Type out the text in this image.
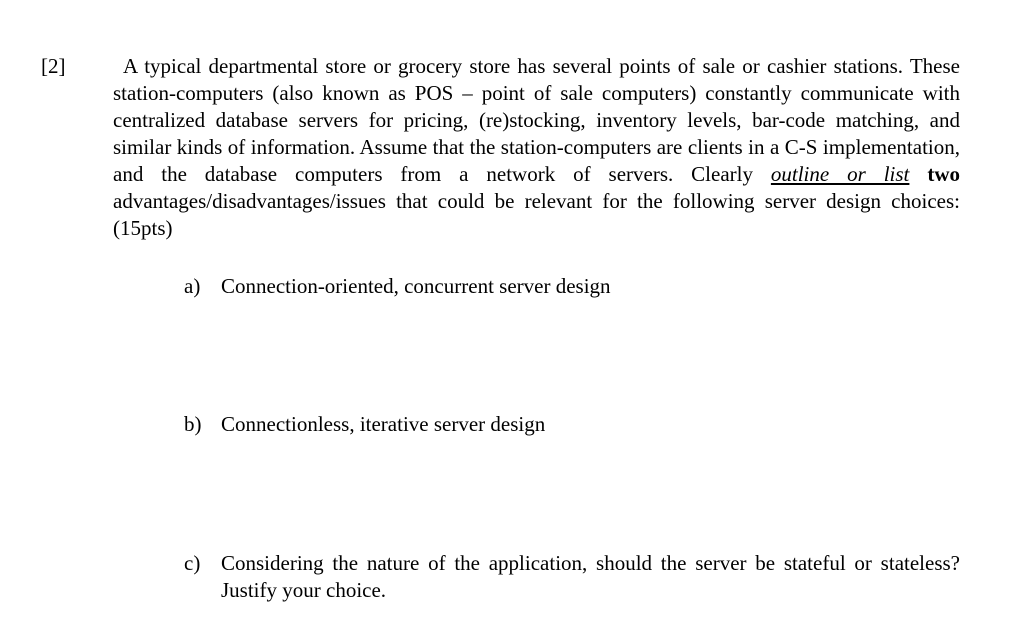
[2]	A typical departmental store or grocery store has several points of sale or cashier stations. These station-computers (also known as POS – point of sale computers) constantly communicate with centralized database servers for pricing, (re)stocking, inventory levels, bar-code matching, and similar kinds of information. Assume that the station-computers are clients in a C-S implementation, and the database computers from a network of servers. Clearly outline or list two advantages/disadvantages/issues that could be relevant for the following server design choices: (15pts)
a) Connection-oriented, concurrent server design
b) Connectionless, iterative server design
c) Considering the nature of the application, should the server be stateful or stateless? Justify your choice.
